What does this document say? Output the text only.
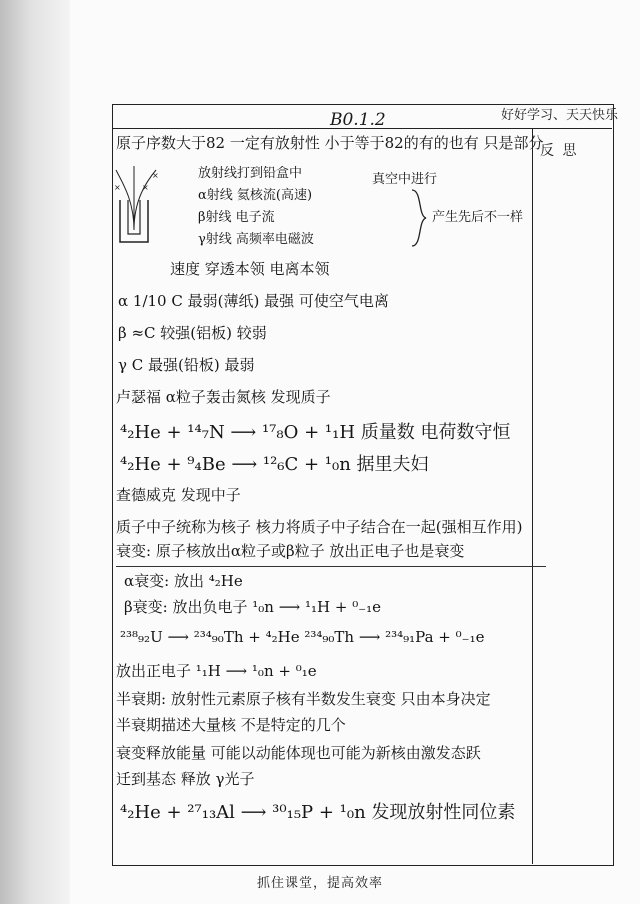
好好学习、天天快乐
B0.1.2
反 思
×	×
×
原子序数大于82 一定有放射性 小于等于82的有的也有 只是部分
放射线打到铅盒中
α射线 氦核流(高速)
β射线 电子流
γ射线 高频率电磁波
真空中进行
产生先后不一样
速度 穿透本领 电离本领
α 1/10 C 最弱(薄纸) 最强 可使空气电离
β ≈C 较强(铝板) 较弱
γ C 最强(铅板) 最弱
卢瑟福 α粒子轰击氮核 发现质子
⁴₂He + ¹⁴₇N ⟶ ¹⁷₈O + ¹₁H 质量数 电荷数守恒
⁴₂He + ⁹₄Be ⟶ ¹²₆C + ¹₀n 据里夫妇
查德威克 发现中子
质子中子统称为核子 核力将质子中子结合在一起(强相互作用)
衰变: 原子核放出α粒子或β粒子 放出正电子也是衰变
α衰变: 放出 ⁴₂He
β衰变: 放出负电子 ¹₀n ⟶ ¹₁H + ⁰₋₁e
²³⁸₉₂U ⟶ ²³⁴₉₀Th + ⁴₂He ²³⁴₉₀Th ⟶ ²³⁴₉₁Pa + ⁰₋₁e
放出正电子 ¹₁H ⟶ ¹₀n + ⁰₁e
半衰期: 放射性元素原子核有半数发生衰变 只由本身决定
半衰期描述大量核 不是特定的几个
衰变释放能量 可能以动能体现也可能为新核由激发态跃
迁到基态 释放 γ光子
⁴₂He + ²⁷₁₃Al ⟶ ³⁰₁₅P + ¹₀n 发现放射性同位素
抓住课堂，提高效率
